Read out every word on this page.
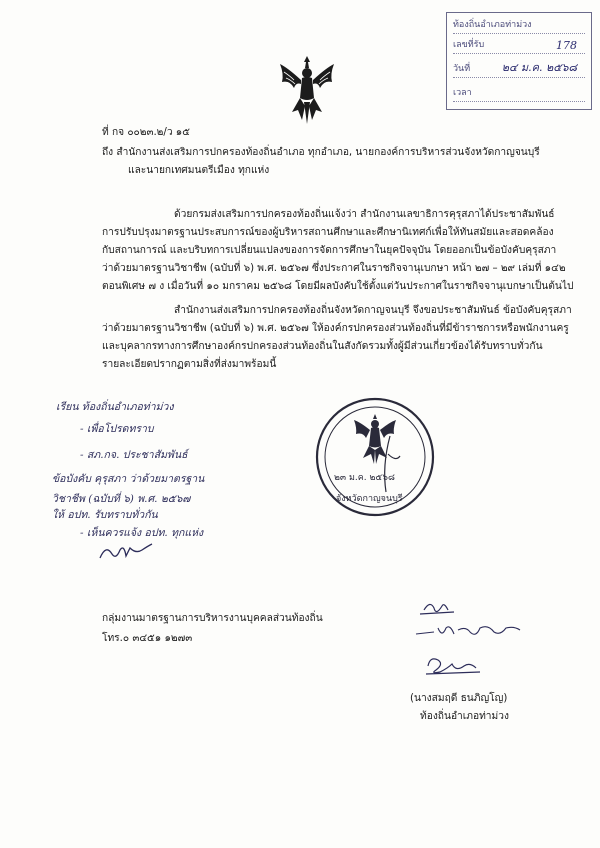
ท้องถิ่นอำเภอท่าม่วง
เลขที่รับ	178
วันที่	๒๔ ม.ค. ๒๕๖๘
เวลา
ที่ กจ ๐๐๒๓.๒/ว ๑๕
ถึง สำนักงานส่งเสริมการปกครองท้องถิ่นอำเภอ ทุกอำเภอ, นายกองค์การบริหารส่วนจังหวัดกาญจนบุรี
และนายกเทศมนตรีเมือง ทุกแห่ง
ด้วยกรมส่งเสริมการปกครองท้องถิ่นแจ้งว่า สำนักงานเลขาธิการคุรุสภาได้ประชาสัมพันธ์
การปรับปรุงมาตรฐานประสบการณ์ของผู้บริหารสถานศึกษาและศึกษานิเทศก์เพื่อให้ทันสมัยและสอดคล้อง
กับสถานการณ์ และบริบทการเปลี่ยนแปลงของการจัดการศึกษาในยุคปัจจุบัน โดยออกเป็นข้อบังคับคุรุสภา
ว่าด้วยมาตรฐานวิชาชีพ (ฉบับที่ ๖) พ.ศ. ๒๕๖๗ ซึ่งประกาศในราชกิจจานุเบกษา หน้า ๒๗ – ๒๙ เล่มที่ ๑๔๒
ตอนพิเศษ ๗ ง เมื่อวันที่ ๑๐ มกราคม ๒๕๖๘ โดยมีผลบังคับใช้ตั้งแต่วันประกาศในราชกิจจานุเบกษาเป็นต้นไป
สำนักงานส่งเสริมการปกครองท้องถิ่นจังหวัดกาญจนบุรี จึงขอประชาสัมพันธ์ ข้อบังคับคุรุสภา
ว่าด้วยมาตรฐานวิชาชีพ (ฉบับที่ ๖) พ.ศ. ๒๕๖๗ ให้องค์กรปกครองส่วนท้องถิ่นที่มีข้าราชการหรือพนักงานครู
และบุคลากรทางการศึกษาองค์กรปกครองส่วนท้องถิ่นในสังกัดรวมทั้งผู้มีส่วนเกี่ยวข้องได้รับทราบทั่วกัน
รายละเอียดปรากฏตามสิ่งที่ส่งมาพร้อมนี้
เรียน ท้องถิ่นอำเภอท่าม่วง
- เพื่อโปรดทราบ
- สภ.กจ. ประชาสัมพันธ์
ข้อบังคับ คุรุสภา ว่าด้วยมาตรฐาน
วิชาชีพ (ฉบับที่ ๖) พ.ศ. ๒๕๖๗
ให้ อปท. รับทราบทั่วกัน
- เห็นควรแจ้ง อปท. ทุกแห่ง
๒๓ ม.ค. ๒๕๖๘
จังหวัดกาญจนบุรี
กลุ่มงานมาตรฐานการบริหารงานบุคคลส่วนท้องถิ่น
โทร.๐ ๓๔๕๑ ๑๒๗๓
(นางสมฤดี ธนภิญโญ)
ท้องถิ่นอำเภอท่าม่วง
